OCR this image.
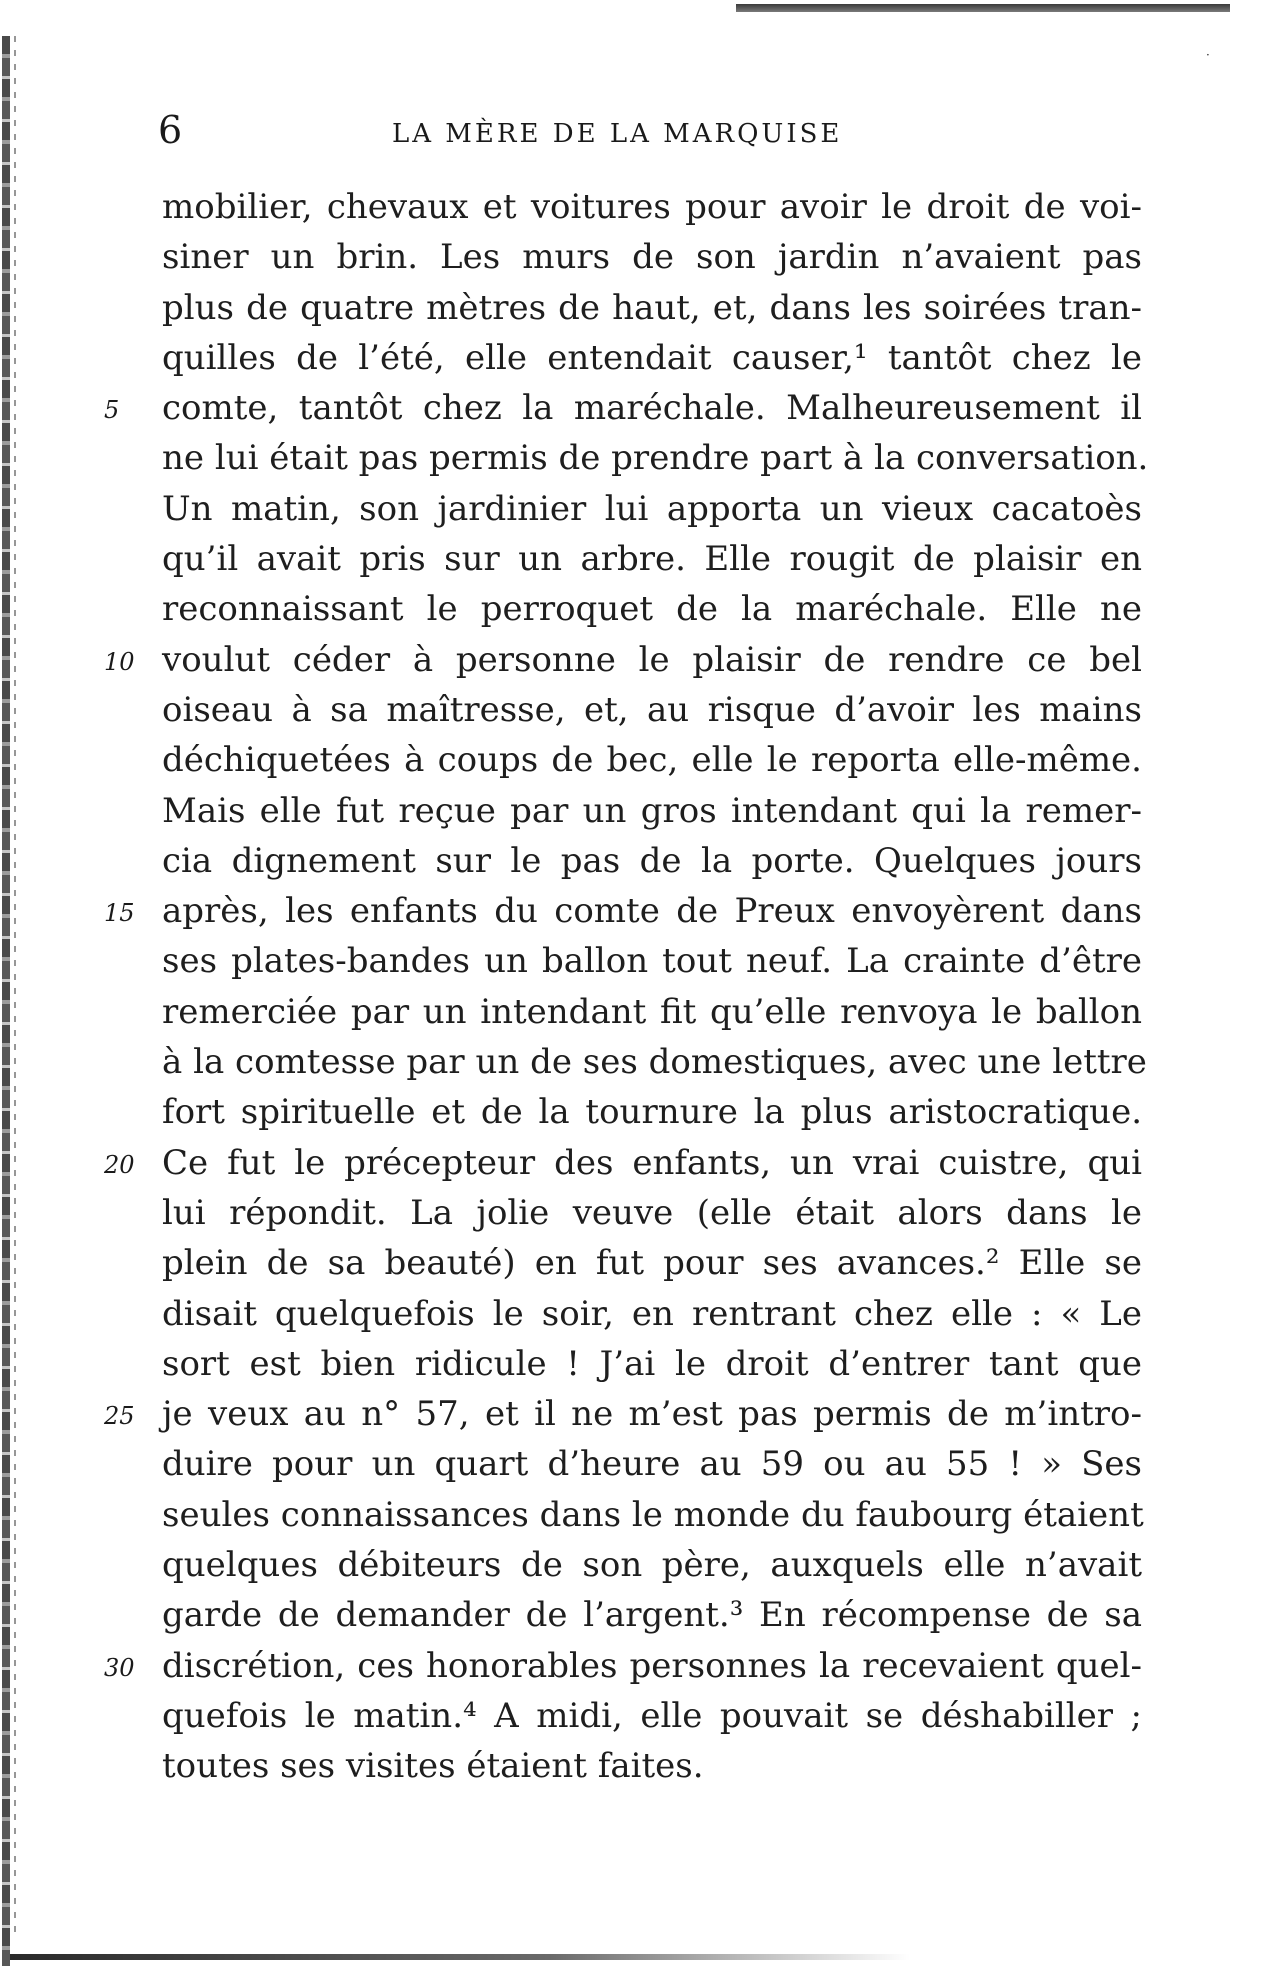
·
6	LA MÈRE DE LA MARQUISE
mobilier, chevaux et voitures pour avoir le droit de voi-
siner un brin. Les murs de son jardin n’avaient pas
plus de quatre mètres de haut, et, dans les soirées tran-
quilles de l’été, elle entendait causer,¹ tantôt chez le
5	comte, tantôt chez la maréchale. Malheureusement il
ne lui était pas permis de prendre part à la conversation.
Un matin, son jardinier lui apporta un vieux cacatoès
qu’il avait pris sur un arbre. Elle rougit de plaisir en
reconnaissant le perroquet de la maréchale. Elle ne
10 voulut céder à personne le plaisir de rendre ce bel
oiseau à sa maîtresse, et, au risque d’avoir les mains
déchiquetées à coups de bec, elle le reporta elle-même.
Mais elle fut reçue par un gros intendant qui la remer-
cia dignement sur le pas de la porte. Quelques jours
15 après, les enfants du comte de Preux envoyèrent dans
ses plates-bandes un ballon tout neuf. La crainte d’être
remerciée par un intendant fit qu’elle renvoya le ballon
à la comtesse par un de ses domestiques, avec une lettre
fort spirituelle et de la tournure la plus aristocratique.
20 Ce fut le précepteur des enfants, un vrai cuistre, qui
lui répondit. La jolie veuve (elle était alors dans le
plein de sa beauté) en fut pour ses avances.² Elle se
disait quelquefois le soir, en rentrant chez elle : « Le
sort est bien ridicule ! J’ai le droit d’entrer tant que
25 je veux au n° 57, et il ne m’est pas permis de m’intro-
duire pour un quart d’heure au 59 ou au 55 ! » Ses
seules connaissances dans le monde du faubourg étaient
quelques débiteurs de son père, auxquels elle n’avait
garde de demander de l’argent.³ En récompense de sa
30 discrétion, ces honorables personnes la recevaient quel-
quefois le matin.⁴ A midi, elle pouvait se déshabiller ;
toutes ses visites étaient faites.
